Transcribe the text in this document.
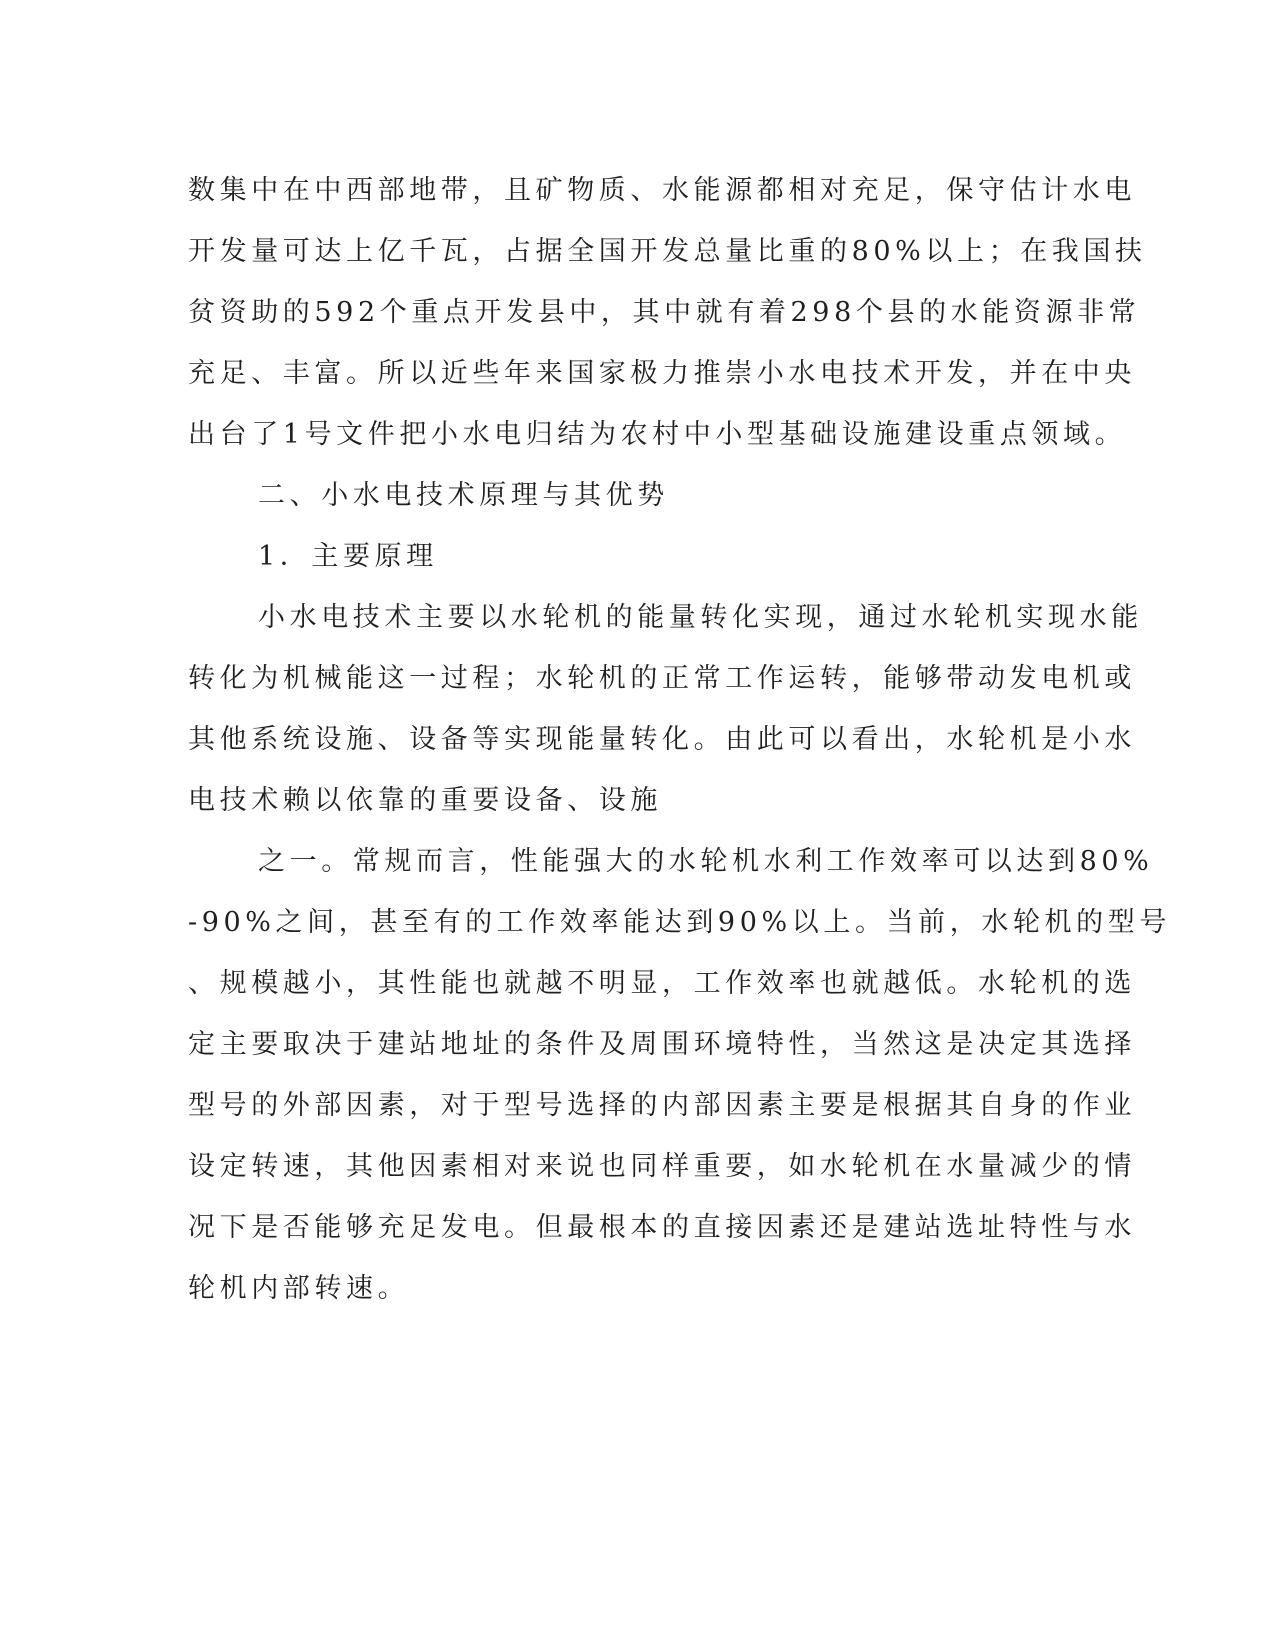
数集中在中西部地带，且矿物质、水能源都相对充足，保守估计水电
开发量可达上亿千瓦，占据全国开发总量比重的80%以上；在我国扶
贫资助的592个重点开发县中，其中就有着298个县的水能资源非常
充足、丰富。所以近些年来国家极力推崇小水电技术开发，并在中央
出台了1号文件把小水电归结为农村中小型基础设施建设重点领域。
二、小水电技术原理与其优势
1．主要原理
小水电技术主要以水轮机的能量转化实现，通过水轮机实现水能
转化为机械能这一过程；水轮机的正常工作运转，能够带动发电机或
其他系统设施、设备等实现能量转化。由此可以看出，水轮机是小水
电技术赖以依靠的重要设备、设施
之一。常规而言，性能强大的水轮机水利工作效率可以达到80%
-90%之间，甚至有的工作效率能达到90%以上。当前，水轮机的型号
、规模越小，其性能也就越不明显，工作效率也就越低。水轮机的选
定主要取决于建站地址的条件及周围环境特性，当然这是决定其选择
型号的外部因素，对于型号选择的内部因素主要是根据其自身的作业
设定转速，其他因素相对来说也同样重要，如水轮机在水量减少的情
况下是否能够充足发电。但最根本的直接因素还是建站选址特性与水
轮机内部转速。
